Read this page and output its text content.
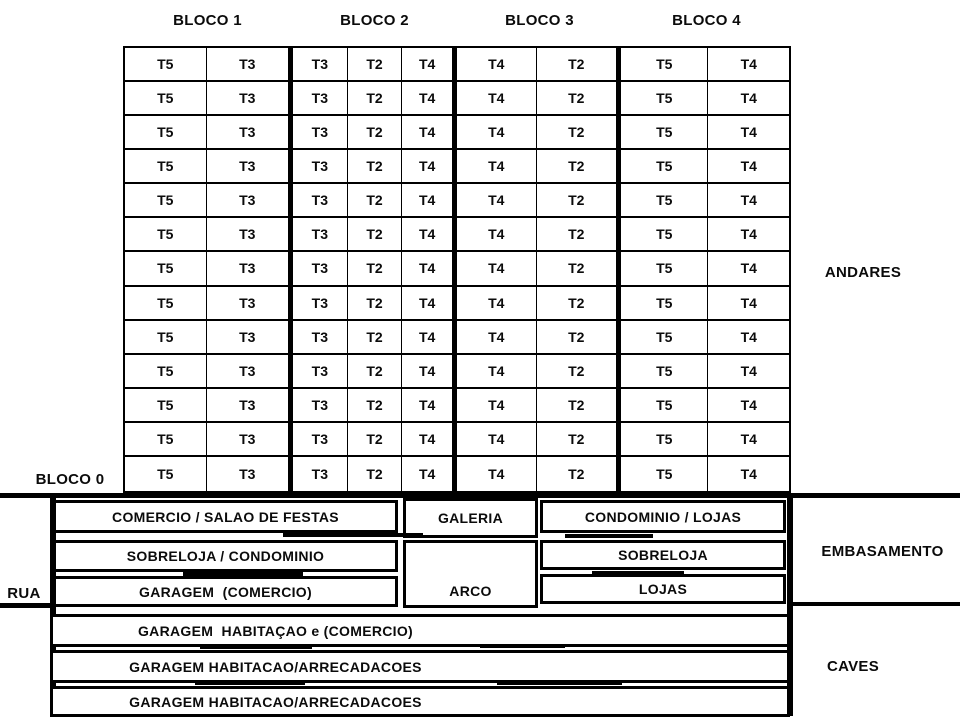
BLOCO 1	BLOCO 2	BLOCO 3	BLOCO 4
T5	T3	T3	T2	T4	T4	T2	T5	T4
T5	T3	T3	T2	T4	T4	T2	T5	T4
T5	T3	T3	T2	T4	T4	T2	T5	T4
T5	T3	T3	T2	T4	T4	T2	T5	T4
T5	T3	T3	T2	T4	T4	T2	T5	T4
T5	T3	T3	T2	T4	T4	T2	T5	T4
T5	T3	T3	T2	T4	T4	T2	T5	T4
T5	T3	T3	T2	T4	T4	T2	T5	T4
T5	T3	T3	T2	T4	T4	T2	T5	T4
T5	T3	T3	T2	T4	T4	T2	T5	T4
T5	T3	T3	T2	T4	T4	T2	T5	T4
T5	T3	T3	T2	T4	T4	T2	T5	T4
T5	T3	T3	T2	T4	T4	T2	T5	T4
ANDARES
BLOCO 0
RUA
COMERCIO / SALAO DE FESTAS
SOBRELOJA / CONDOMINIO
GARAGEM  (COMERCIO)
GALERIA
ARCO
CONDOMINIO / LOJAS
SOBRELOJA
LOJAS
EMBASAMENTO
CAVES
GARAGEM  HABITAÇAO e (COMERCIO)
GARAGEM HABITACAO/ARRECADACOES
GARAGEM HABITACAO/ARRECADACOES
